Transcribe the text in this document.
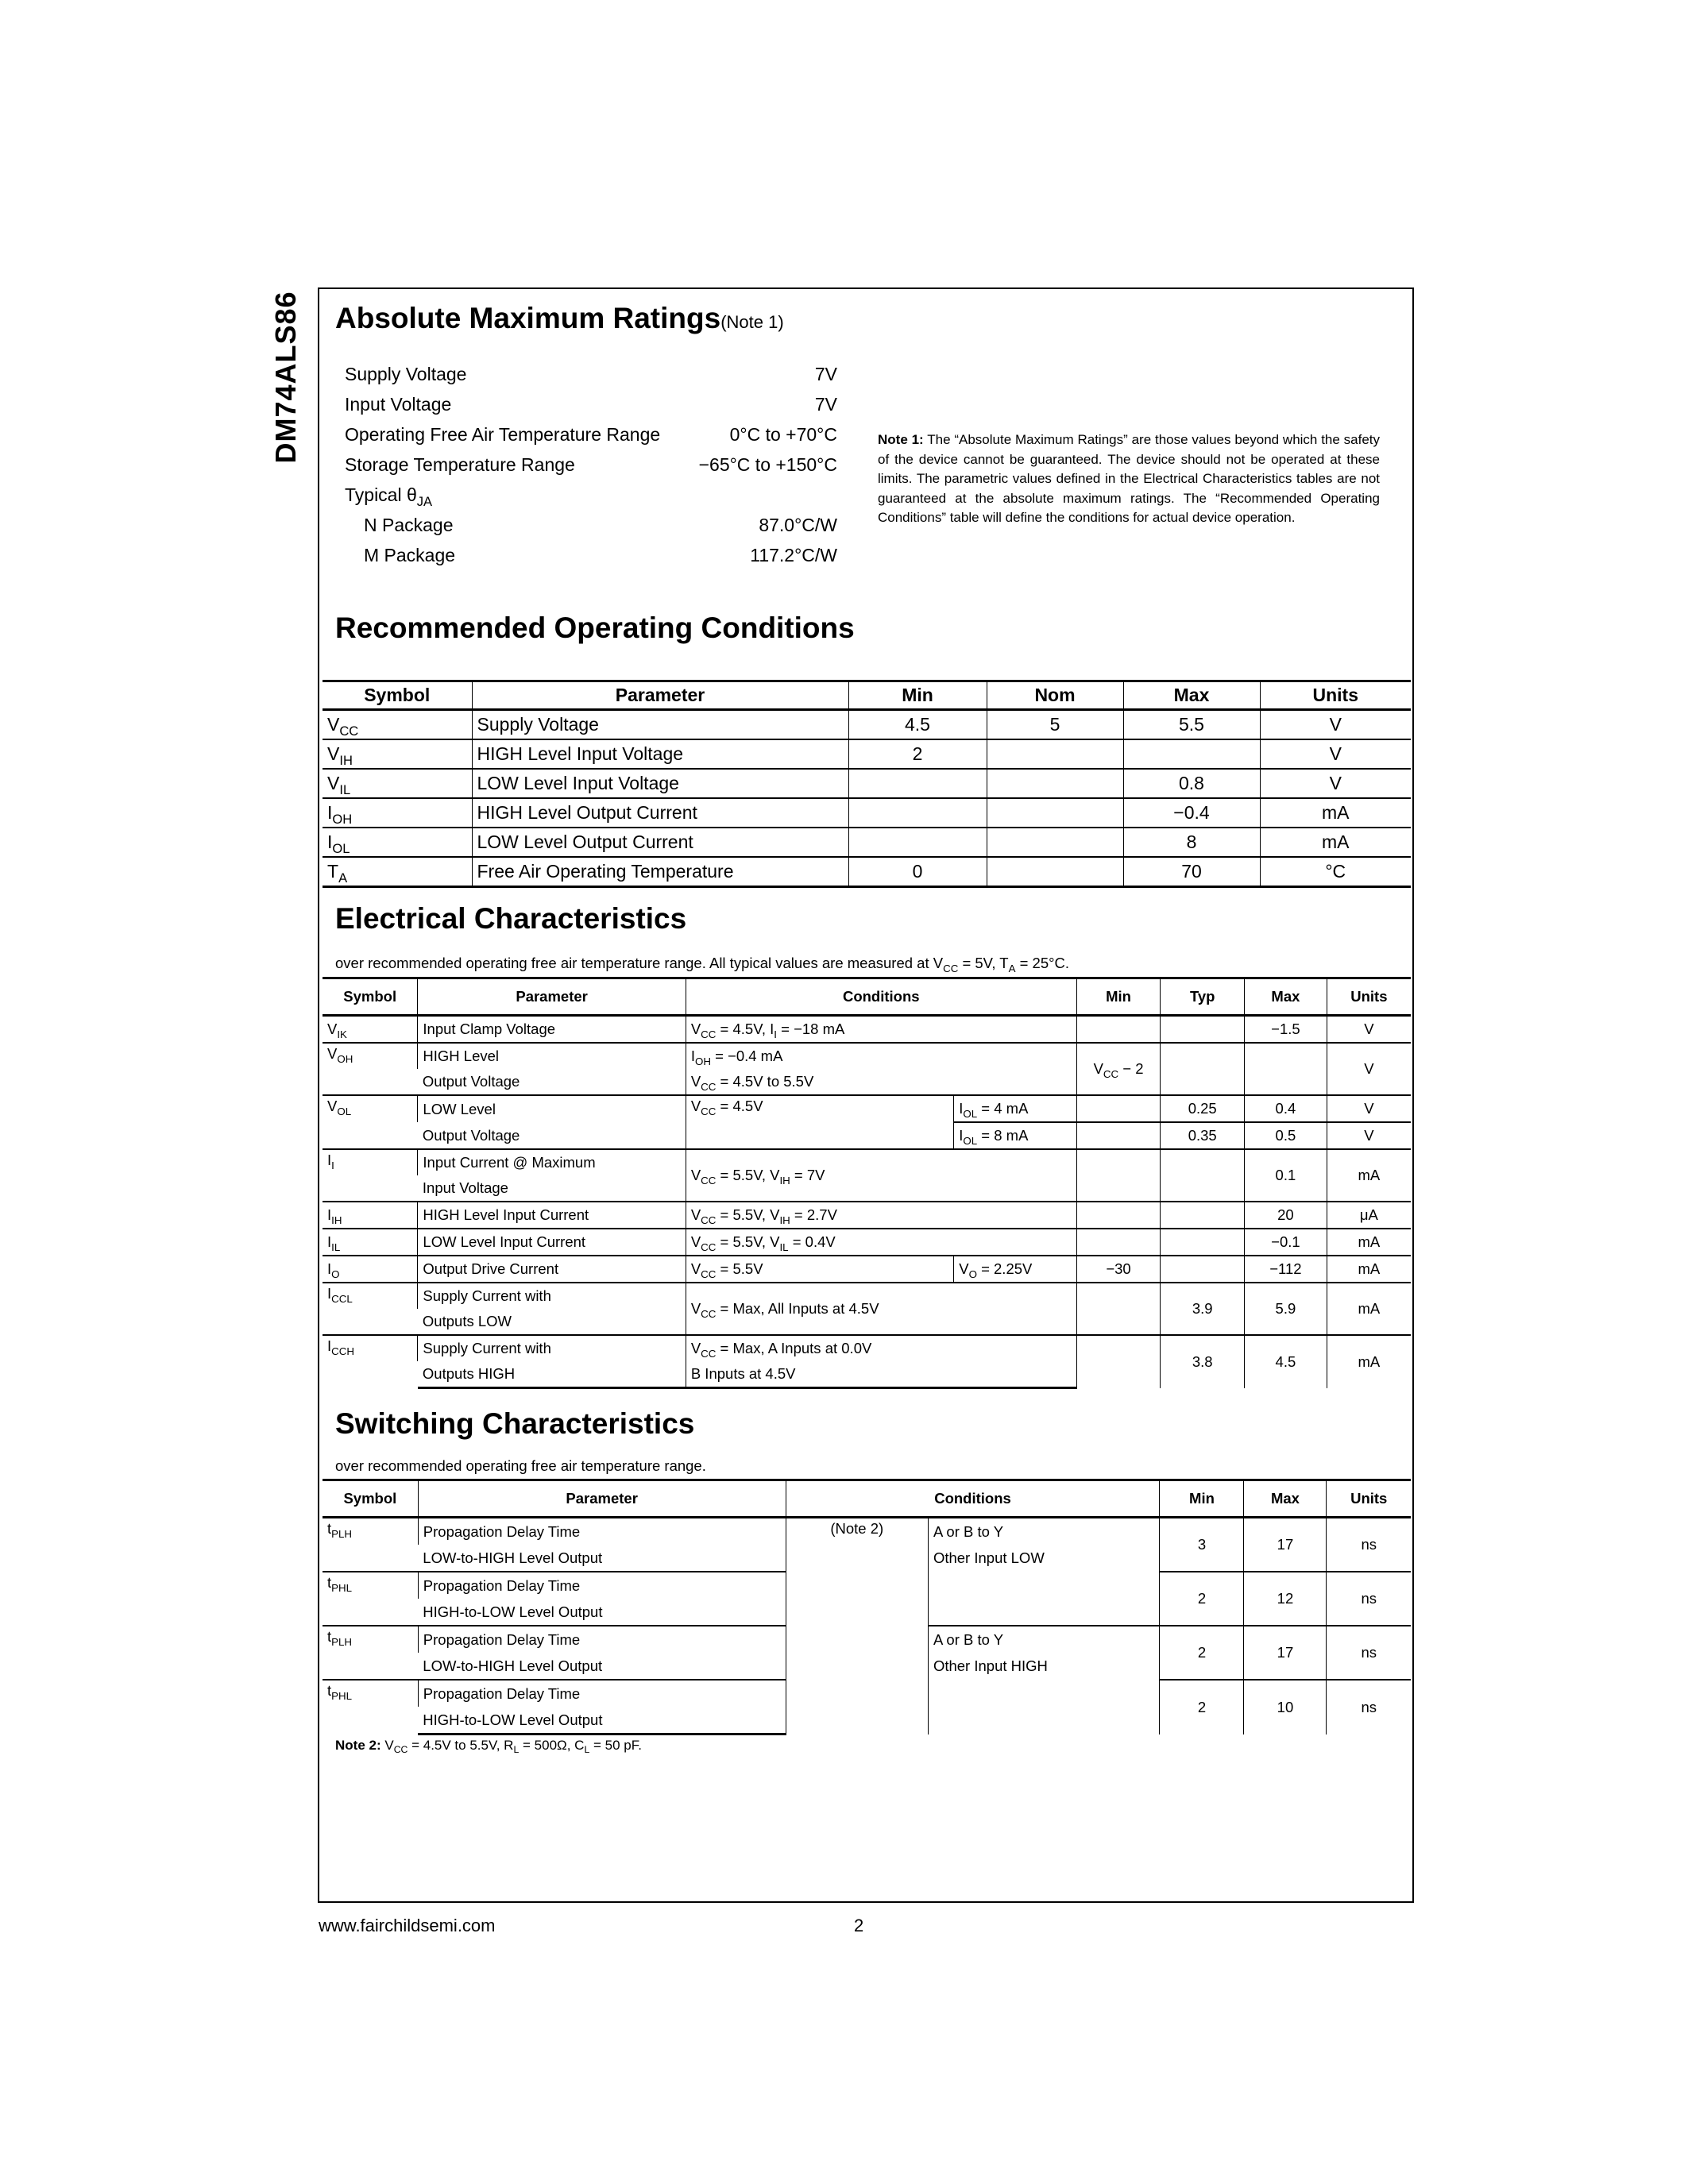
DM74ALS86 Absolute Maximum Ratings(Note 1)
Supply Voltage	7V
Input Voltage	7V
Operating Free Air Temperature Range	0°C to +70°C
Storage Temperature Range	−65°C to +150°C
Typical $\theta_{JA}$
N Package	87.0°C/W
M Package	117.2°C/W
Note 1: The “Absolute Maximum Ratings” are those values beyond which the safety of the device cannot be guaranteed. The device should not be operated at these limits. The parametric values defined in the Electrical Characteristics tables are not guaranteed at the absolute maximum ratings. The “Recommended Operating Conditions” table will define the conditions for actual device operation.
Recommended Operating Conditions
Symbol	Parameter	Min	Nom	Max	Units
$V_{CC}$	Supply Voltage	4.5	5	5.5	V
$V_{IH}$	HIGH Level Input Voltage	2			V
$V_{IL}$	LOW Level Input Voltage			0.8	V
$I_{OH}$	HIGH Level Output Current			−0.4	mA
$I_{OL}$	LOW Level Output Current			8	mA
$T_A$	Free Air Operating Temperature	0		70	°C
Electrical Characteristics
over recommended operating free air temperature range. All typical values are measured at $V_{CC} = 5V$, $T_A = 25^\circ C$.
Symbol	Parameter	Conditions		Min	Typ	Max	Units
$V_{IK}$	Input Clamp Voltage	$V_{CC} = 4.5V$, $I_I = -18$ mA				−1.5	V
$V_{OH}$	HIGH Level	$I_{OH} = -0.4$ mA		$V_{CC} - 2$			V
	Output Voltage	$V_{CC} = 4.5V$ to 5.5V					
$V_{OL}$	LOW Level	$V_{CC} = 4.5V$	$I_{OL} = 4$ mA		0.25	0.4	V
	Output Voltage		$I_{OL} = 8$ mA		0.35	0.5	V
$I_I$	Input Current @ Maximum	$V_{CC} = 5.5V$, $V_{IH} = 7V$				0.1	mA
	Input Voltage						
$I_{IH}$	HIGH Level Input Current	$V_{CC} = 5.5V$, $V_{IH} = 2.7V$				20	μA
$I_{IL}$	LOW Level Input Current	$V_{CC} = 5.5V$, $V_{IL} = 0.4V$				−0.1	mA
$I_O$	Output Drive Current	$V_{CC} = 5.5V$	$V_O = 2.25V$	−30		−112	mA
$I_{CCL}$	Supply Current with	$V_{CC}$ = Max, All Inputs at 4.5V			3.9	5.9	mA
	Outputs LOW						
$I_{CCH}$	Supply Current with	$V_{CC}$ = Max, A Inputs at 0.0V			3.8	4.5	mA
	Outputs HIGH	B Inputs at 4.5V					
Switching Characteristics
over recommended operating free air temperature range.
Symbol	Parameter	Conditions		Min	Max	Units
$t_{PLH}$	Propagation Delay Time	(Note 2)	A or B to Y	3	17	ns
	LOW-to-HIGH Level Output		Other Input LOW			
$t_{PHL}$	Propagation Delay Time			2	12	ns
	HIGH-to-LOW Level Output					
$t_{PLH}$	Propagation Delay Time		A or B to Y	2	17	ns
	LOW-to-HIGH Level Output		Other Input HIGH			
$t_{PHL}$	Propagation Delay Time			2	10	ns
	HIGH-to-LOW Level Output					
Note 2: $V_{CC} = 4.5V$ to 5.5V, $R_L = 500\Omega$, $C_L = 50$ pF.
www.fairchildsemi.com	2
